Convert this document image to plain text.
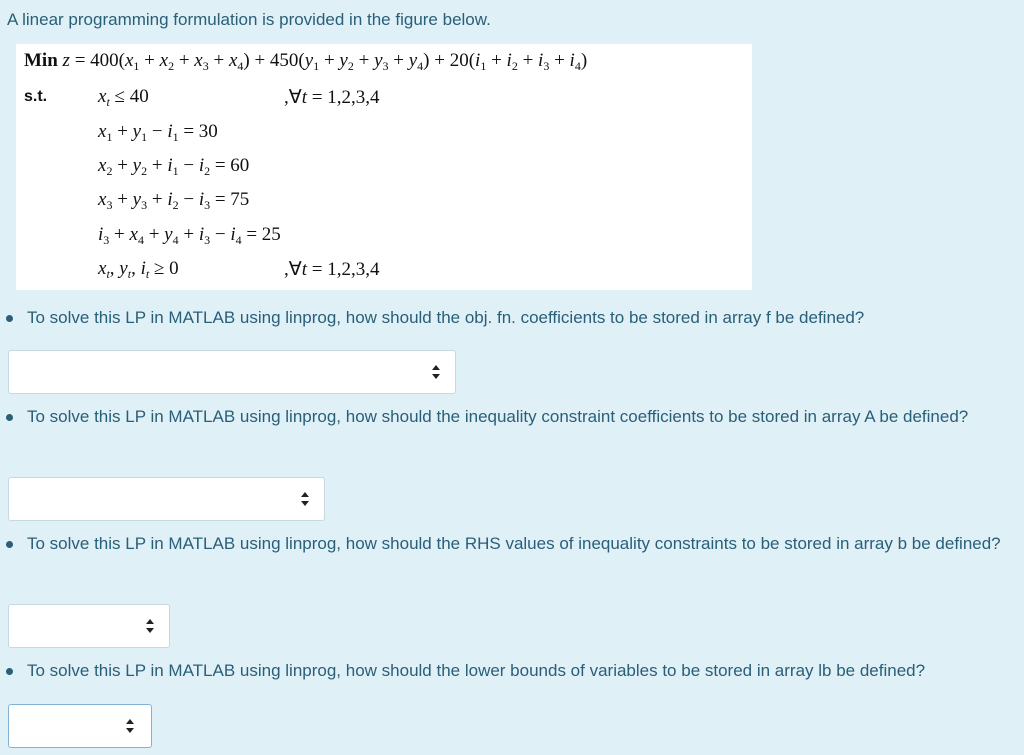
A linear programming formulation is provided in the figure below.
Min $z = 400(x_1 + x_2 + x_3 + x_4) + 450(y_1 + y_2 + y_3 + y_4) + 20(i_1 + i_2 + i_3 + i_4)$
s.t.	$x_t \le 40$	,∀t = 1,2,3,4
$x_1 + y_1 - i_1 = 30$
$x_2 + y_2 + i_1 - i_2 = 60$
$x_3 + y_3 + i_2 - i_3 = 75$
$i_3 + x_4 + y_4 + i_3 - i_4 = 25$
$x_t$, $y_t$, $i_t \ge 0$	,∀t = 1,2,3,4
To solve this LP in MATLAB using linprog, how should the obj. fn. coefficients to be stored in array f be defined?
To solve this LP in MATLAB using linprog, how should the inequality constraint coefficients to be stored in array A be defined?
To solve this LP in MATLAB using linprog, how should the RHS values of inequality constraints to be stored in array b be defined?
To solve this LP in MATLAB using linprog, how should the lower bounds of variables to be stored in array lb be defined?
